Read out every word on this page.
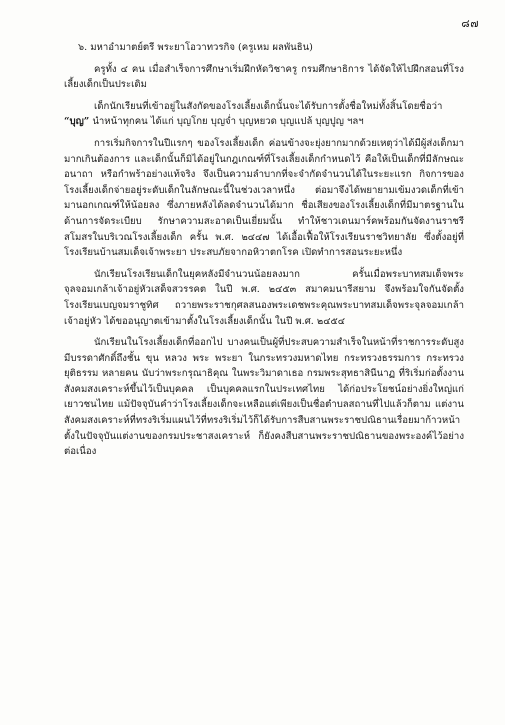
๘๗

๖. มหาอำมาตย์ตรี พระยาโอวาทวรกิจ (ครูเหม ผลพันธิน)

ครูทั้ง ๔ คน เมื่อสำเร็จการศึกษาเริ่มฝึกหัดวิชาครู กรมศึกษาธิการ ได้จัดให้ไปฝึกสอนที่โรงเลี้ยงเด็กเป็นประเดิม

เด็กนักเรียนที่เข้าอยู่ในสังกัดของโรงเลี้ยงเด็กนั้นจะได้รับการตั้งชื่อใหม่ทั้งสิ้นโดยชื่อว่า “บุญ” นำหน้าทุกคน ได้แก่ บุญโกย บุญจ่ำ บุญหยวด บุญแปล้ บุญปูญ ฯลฯ

การเริ่มกิจการในปีแรกๆ ของโรงเลี้ยงเด็ก ค่อนข้างจะยุ่งยากมากด้วยเหตุว่าได้มีผู้ส่งเด็กมามากเกินต้องการ และเด็กนั้นก็มิได้อยู่ในกฎเกณฑ์ที่โรงเลี้ยงเด็กกำหนดไว้ คือให้เป็นเด็กที่มีลักษณะอนาถา หรือกำพร้าอย่างแท้จริง จึงเป็นความลำบากที่จะจำกัดจำนวนได้ในระยะแรก กิจการของโรงเลี้ยงเด็กจ่ายอยู่ระดับเด็กในลักษณะนี้ในช่วงเวลาหนึ่ง ต่อมาจึงได้พยายามเข้มงวดเด็กที่เข้ามานอกเกณฑ์ให้น้อยลง ซึ่งภายหลังได้ลดจำนวนได้มาก ชื่อเสียงของโรงเลี้ยงเด็กที่มีมาตรฐานในด้านการจัดระเบียบ รักษาความสะอาดเป็นเยี่ยมนั้น ทำให้ชาวเดนมาร์คพร้อมกันจัดงานราชรีสโมสรในบริเวณโรงเลี้ยงเด็ก ครั้น พ.ศ. ๒๔๔๗ ได้เอื้อเฟื้อให้โรงเรียนราชวิทยาลัย ซึ่งตั้งอยู่ที่โรงเรียนบ้านสมเด็จเจ้าพระยา ประสบภัยจากอหิวาตกโรค เปิดทำการสอนระยะหนึ่ง

นักเรียนโรงเรียนเด็กในยุคหลังมีจำนวนน้อยลงมาก ครั้นเมื่อพระบาทสมเด็จพระจุลจอมเกล้าเจ้าอยู่หัวเสด็จสวรรคต ในปี พ.ศ. ๒๔๕๓ สมาคมนารีสยาม จึงพร้อมใจกันจัดตั้งโรงเรียนเบญจมราชูทิศ ถวายพระราชกุศลสนองพระเดชพระคุณพระบาทสมเด็จพระจุลจอมเกล้าเจ้าอยู่หัว ได้ขออนุญาตเข้ามาตั้งในโรงเลี้ยงเด็กนั้น ในปี พ.ศ. ๒๔๕๔

นักเรียนในโรงเลี้ยงเด็กที่ออกไป บางคนเป็นผู้ที่ประสบความสำเร็จในหน้าที่ราชการระดับสูง มีบรรดาศักดิ์ถึงชั้น ขุน หลวง พระ พระยา ในกระทรวงมหาดไทย กระทรวงธรรมการ กระทรวงยุติธรรม หลายคน นับว่าพระกรุณาธิคุณ ในพระวิมาดาเธอ กรมพระสุทธาสินีนาฏ ที่ริเริ่มก่อตั้งงานสังคมสงเคราะห์ขึ้นไว้เป็นบุคคล เป็นบุคคลแรกในประเทศไทย ได้ก่อประโยชน์อย่างยิ่งใหญ่แก่เยาวชนไทย แม้ปัจจุบันคำว่าโรงเลี้ยงเด็กจะเหลือแต่เพียงเป็นชื่อตำบลสถานที่ไปแล้วก็ตาม แต่งานสังคมสงเคราะห์ที่ทรงริเริ่มแผนไว้ที่ทรงริเริ่มไว้ก็ได้รับการสืบสานพระราชปณิธานเรื่อยมาก้าวหน้าตั้งในปัจจุบันแต่งานของกรมประชาสงเคราะห์ ก็ยังคงสืบสานพระราชปณิธานของพระองค์ไว้อย่างต่อเนื่อง
